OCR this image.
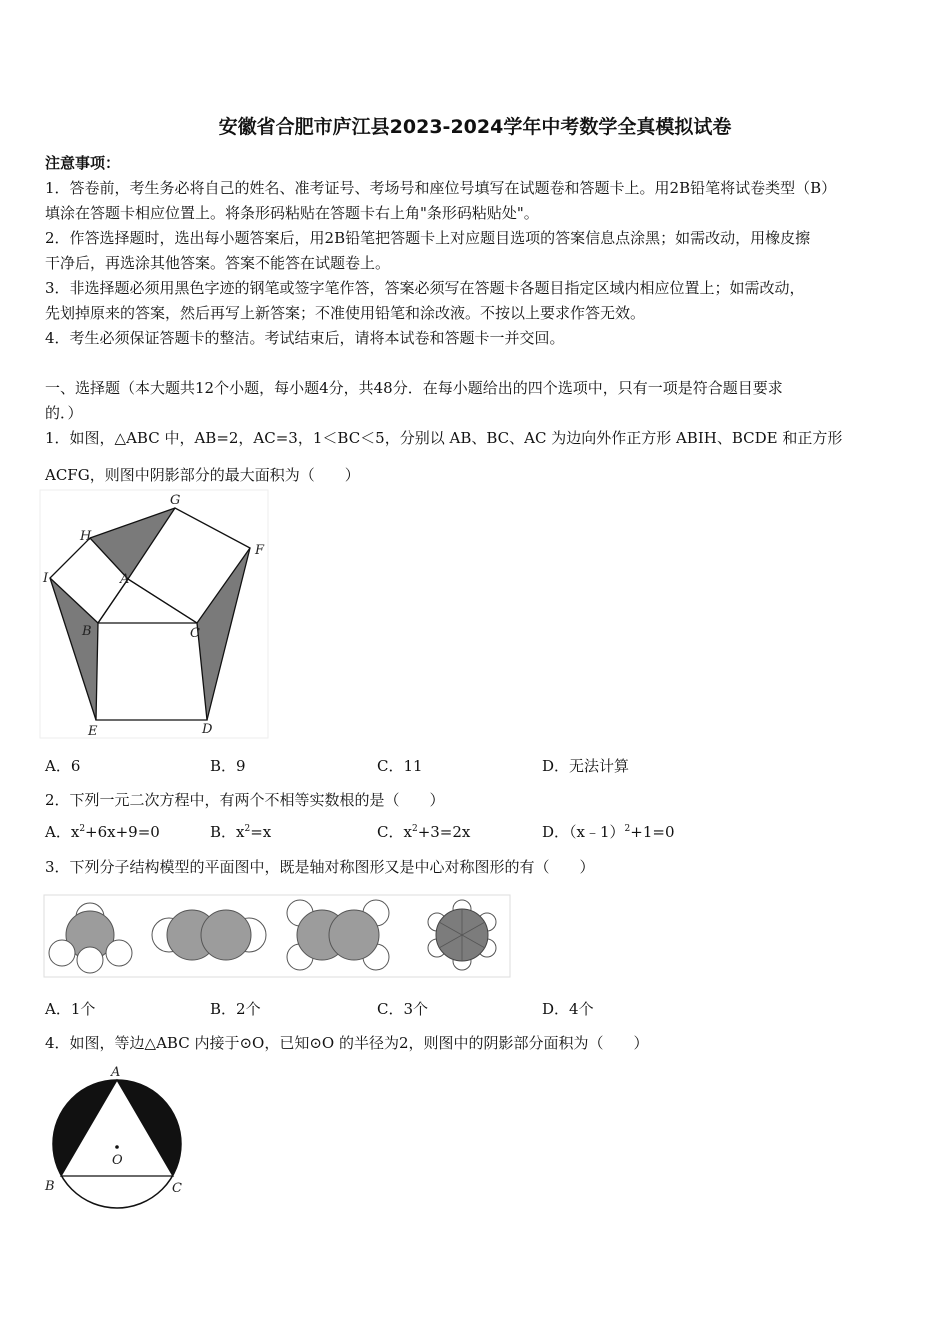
安徽省合肥市庐江县2023-2024学年中考数学全真模拟试卷
注意事项：
1．答卷前，考生务必将自己的姓名、准考证号、考场号和座位号填写在试题卷和答题卡上。用2B铅笔将试卷类型（B）
填涂在答题卡相应位置上。将条形码粘贴在答题卡右上角"条形码粘贴处"。
2．作答选择题时，选出每小题答案后，用2B铅笔把答题卡上对应题目选项的答案信息点涂黑；如需改动，用橡皮擦
干净后，再选涂其他答案。答案不能答在试题卷上。
3．非选择题必须用黑色字迹的钢笔或签字笔作答，答案必须写在答题卡各题目指定区域内相应位置上；如需改动，
先划掉原来的答案，然后再写上新答案；不准使用铅笔和涂改液。不按以上要求作答无效。
4．考生必须保证答题卡的整洁。考试结束后，请将本试卷和答题卡一并交回。
一、选择题（本大题共12个小题，每小题4分，共48分．在每小题给出的四个选项中，只有一项是符合题目要求
的．）
1．如图，△ABC 中，AB=2，AC=3，1＜BC＜5，分别以 AB、BC、AC 为边向外作正方形 ABIH、BCDE 和正方形
ACFG，则图中阴影部分的最大面积为（　　）
G
H
F
I	A
B	C
E	D
A．6	B．9	C．11	D．无法计算
2．下列一元二次方程中，有两个不相等实数根的是（　　）
A．$x^2+6x+9=0$	B．$x^2=x$	C．$x^2+3=2x$	D．（x﹣1）$^2$+1=0
3．下列分子结构模型的平面图中，既是轴对称图形又是中心对称图形的有（　　）
A．1个	B．2个	C．3个	D．4个
4．如图，等边△ABC 内接于⊙O，已知⊙O 的半径为2，则图中的阴影部分面积为（　　）
A
O
B	C
